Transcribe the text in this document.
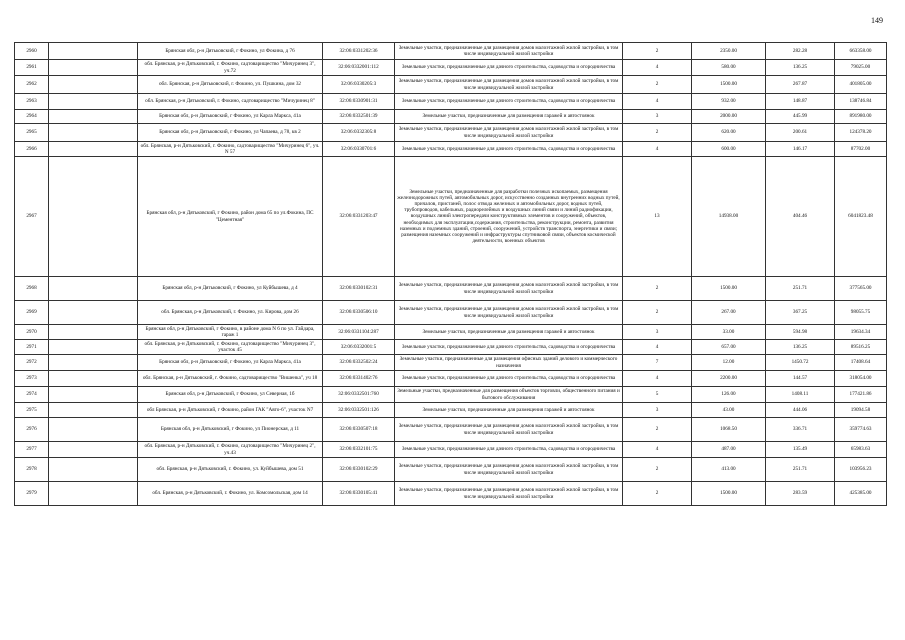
149
2960		Брянская обл, р-н Дятьковский, г Фокино, ул Фокина, д 76	32:06:0331202:36	Земельные участки, предназначенные для размещения домов малоэтажной жилой застройки, в том числе индивидуальной жилой застройки	2	2350.00	282.28	663358.00
2961		обл. Брянская, р-н Дятьковский, г. Фокино, садтоварищество "Мичуринец 3", уч.72	32:06:0332001:112	Земельные участки, предназначенные для дачного строительства, садоводства и огородничества	4	580.00	136.25	79025.00
2962		обл. Брянская, р-н Дятьковский, г. Фокино, ул. Пушкина, дом 32	32:06:0330205:3	Земельные участки, предназначенные для размещения домов малоэтажной жилой застройки, в том числе индивидуальной жилой застройки	2	1500.00	267.87	401805.00
2963		обл. Брянская, р-н Дятьковский, г. Фокино, садтоварищество "Мичуринец 8"	32:06:0330901:31	Земельные участки, предназначенные для дачного строительства, садоводства и огородничества	4	932.00	148.87	138746.84
2964		Брянская обл, р-н Дятьковский, г Фокино, ул Карла Маркса, 41а	32:06:0332501:39	Земельные участки, предназначенные для размещения гаражей и автостоянок	3	2000.00	445.99	891980.00
2965		Брянская обл, р-н Дятьковский, г Фокино, ул Чапаева, д 78, кв 2	32:06:0332305:8	Земельные участки, предназначенные для размещения домов малоэтажной жилой застройки, в том числе индивидуальной жилой застройки	2	620.00	200.61	124378.20
2966		обл. Брянская, р-н Дятьковский, г. Фокино, садтоварищество "Мичуринец 6", уч. N 57	32:06:0330701:6	Земельные участки, предназначенные для дачного строительства, садоводства и огородничества	4	600.00	146.17	87702.00
2967		Брянская обл, р-н Дятьковский, г Фокино, район дома 65 по ул.Фокина, ПС "Цементная"	32:06:0331203:47	Земельные участки, предназначенные для разработки полезных ископаемых, размещения железнодорожных путей, автомобильных дорог, искусственно созданных внутренних водных путей, причалов, пристаней, полос отвода железных и автомобильных дорог, водных путей, трубопроводов, кабельных, радиорелейных и воздушных линий связи и линий радиофикации, воздушных линий электропередачи конструктивных элементов и сооружений, объектов, необходимых для эксплуатации,содержания, строительства, реконструкции, ремонта, развития наземных и подземных зданий, строений, сооружений, устройств транспорта, энергетики и связи; размещения наземных сооружений и инфраструктуры спутниковой связи, объектов космической деятельности, военных объектов	13	14938.00	404.46	6041823.48
2968		Брянская обл, р-н Дятьковский, г Фокино, ул Куйбышева, д 4	32:06:0330102:31	Земельные участки, предназначенные для размещения домов малоэтажной жилой застройки, в том числе индивидуальной жилой застройки	2	1500.00	251.71	377565.00
2969		обл. Брянская, р-н Дятьковский, г. Фокино, ул. Кирова, дом 26	32:06:0330506:10	Земельные участки, предназначенные для размещения домов малоэтажной жилой застройки, в том числе индивидуальной жилой застройки	2	267.00	367.25	98055.75
2970		Брянская обл, р-н Дятьковский, г Фокино, в районе дома N 6 по ул. Гайдара, гараж 1	32:06:0331104:287	Земельные участки, предназначенные для размещения гаражей и автостоянок	3	33.00	594.98	19634.34
2971		обл. Брянская, р-н Дятьковский, г. Фокино, садтоварищество "Мичуринец 3", участок 45	32:06:0332001:5	Земельные участки, предназначенные для дачного строительства, садоводства и огородничества	4	657.00	136.25	89516.25
2972		Брянская обл, р-н Дятьковский, г Фокино, ул Карла Маркса, 41а	32:06:0332502:24	Земельные участки, предназначенные для размещения офисных зданий делового и коммерческого назначения	7	12.00	1450.72	17408.64
2973		обл. Брянская, р-н Дятьковский, г. Фокино, садтоварищество "Вишенка", уч 18	32:06:0331402:76	Земельные участки, предназначенные для дачного строительства, садоводства и огородничества	4	2200.00	144.57	318054.00
2974		Брянская обл, р-н Дятьковский, г Фокино, ул Северная, 1б	32:06:0332501:760	Земельные участки, предназначенные для размещения объектов торговли, общественного питания и бытового обслуживания	5	126.00	1408.11	177421.86
2975		обл Брянская, р-н Дятьковский, г Фокино, район ГАК "Авто-6", участок N7	32:06:0332501:126	Земельные участки, предназначенные для размещения гаражей и автостоянок	3	43.00	444.06	19094.58
2976		Брянская обл, р-н Дятьковский, г Фокино, ул Пионерская, д 11	32:06:0330507:18	Земельные участки, предназначенные для размещения домов малоэтажной жилой застройки, в том числе индивидуальной жилой застройки	2	1068.50	336.71	359774.63
2977		обл. Брянская, р-н Дятьковский, г. Фокино, садтоварищество "Мичуринец 2", уч.43	32:06:0332101:75	Земельные участки, предназначенные для дачного строительства, садоводства и огородничества	4	487.00	135.49	65983.63
2978		обл. Брянская, р-н Дятьковский, г. Фокино, ул. Куйбышева, дом 51	32:06:0330102:29	Земельные участки, предназначенные для размещения домов малоэтажной жилой застройки, в том числе индивидуальной жилой застройки	2	413.00	251.71	103956.23
2979		обл. Брянская, р-н Дятьковский, г. Фокино, ул. Комсомольская, дом 14	32:06:0330105:41	Земельные участки, предназначенные для размещения домов малоэтажной жилой застройки, в том числе индивидуальной жилой застройки	2	1500.00	283.59	425385.00
